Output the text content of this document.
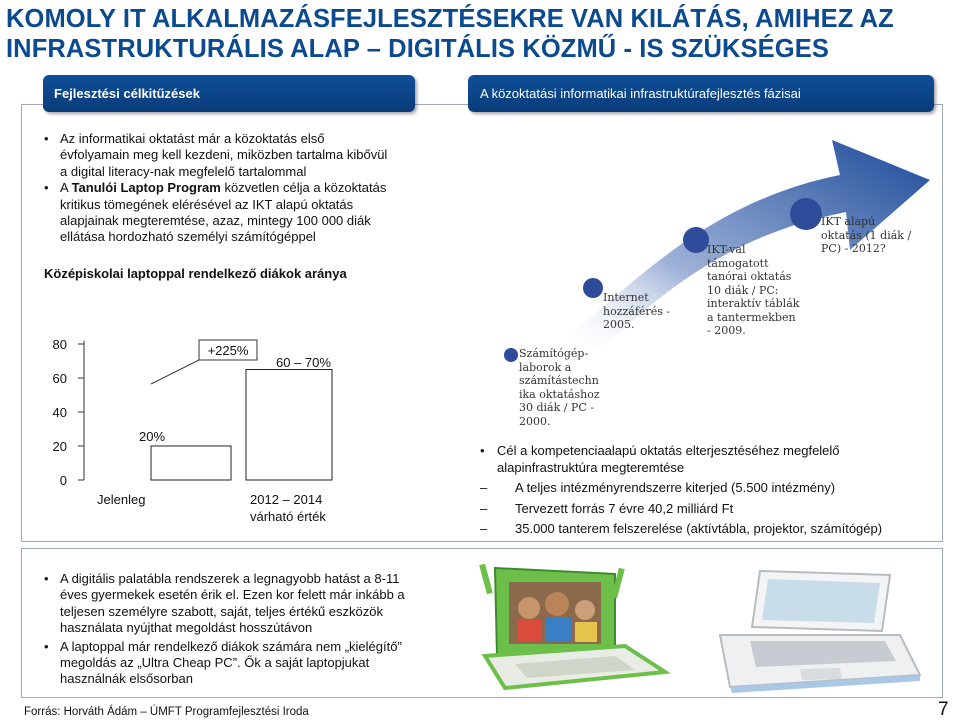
KOMOLY IT ALKALMAZÁSFEJLESZTÉSEKRE VAN KILÁTÁS, AMIHEZ AZ
INFRASTRUKTURÁLIS ALAP – DIGITÁLIS KÖZMŰ - IS SZÜKSÉGES
Fejlesztési célkitűzések	A közoktatási informatikai infrastruktúrafejlesztés fázisai
• Az informatikai oktatást már a közoktatás első évfolyamain meg kell kezdeni, miközben tartalma kibővül a digital literacy-nak megfelelő tartalommal
• A Tanulói Laptop Program közvetlen célja a közoktatás kritikus tömegének elérésével az IKT alapú oktatás alapjainak megteremtése, azaz, mintegy 100 000 diák ellátása hordozható személyi számítógéppel
Középiskolai laptoppal rendelkező diákok aránya
0
20
40
60
80
20%
60 – 70%
Jelenleg	2012 – 2014
várható érték
+225%	Számítógép-
laborok a
számítástechn
ika oktatáshoz
30 diák / PC -
2000.
Internet
hozzáférés -
2005.
IKT-val
támogatott
tanórai oktatás
10 diák / PC:
interaktív táblák
a tantermekben
- 2009.
IKT alapú
oktatás (1 diák /
PC) - 2012?
• Cél a kompetenciaalapú oktatás elterjesztéséhez megfelelő alapinfrastruktúra megteremtése
– A teljes intézményrendszerre kiterjed (5.500 intézmény)
– Tervezett forrás 7 évre 40,2 milliárd Ft
– 35.000 tanterem felszerelése (aktívtábla, projektor, számítógép)
• A digitális palatábla rendszerek a legnagyobb hatást a 8-11 éves gyermekek esetén érik el. Ezen kor felett már inkább a teljesen személyre szabott, saját, teljes értékű eszközök használata nyújthat megoldást hosszútávon
• A laptoppal már rendelkező diákok számára nem „kielégítő” megoldás az „Ultra Cheap PC”. Ők a saját laptopjukat használnák elsősorban
Forrás: Horváth Ádám – ÚMFT Programfejlesztési Iroda	7
